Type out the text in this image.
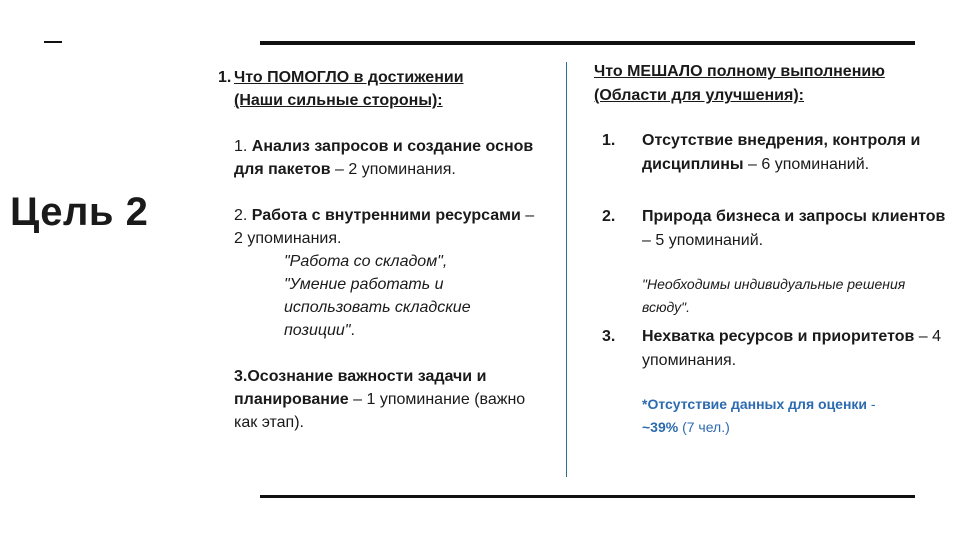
Цель 2
1. Что ПОМОГЛО в достижении
(Наши сильные стороны):
1. Анализ запросов и создание основ для пакетов – 2 упоминания.
2. Работа с внутренними ресурсами – 2 упоминания.
"Работа со складом",
"Умение работать и использовать складские позиции".
3.Осознание важности задачи и планирование – 1 упоминание (важно как этап).
Что МЕШАЛО полному выполнению
(Области для улучшения):
1. Отсутствие внедрения, контроля и дисциплины – 6 упоминаний.
2. Природа бизнеса и запросы клиентов – 5 упоминаний.
"Необходимы индивидуальные решения всюду".
3. Нехватка ресурсов и приоритетов – 4 упоминания.
*Отсутствие данных для оценки -
~39% (7 чел.)
